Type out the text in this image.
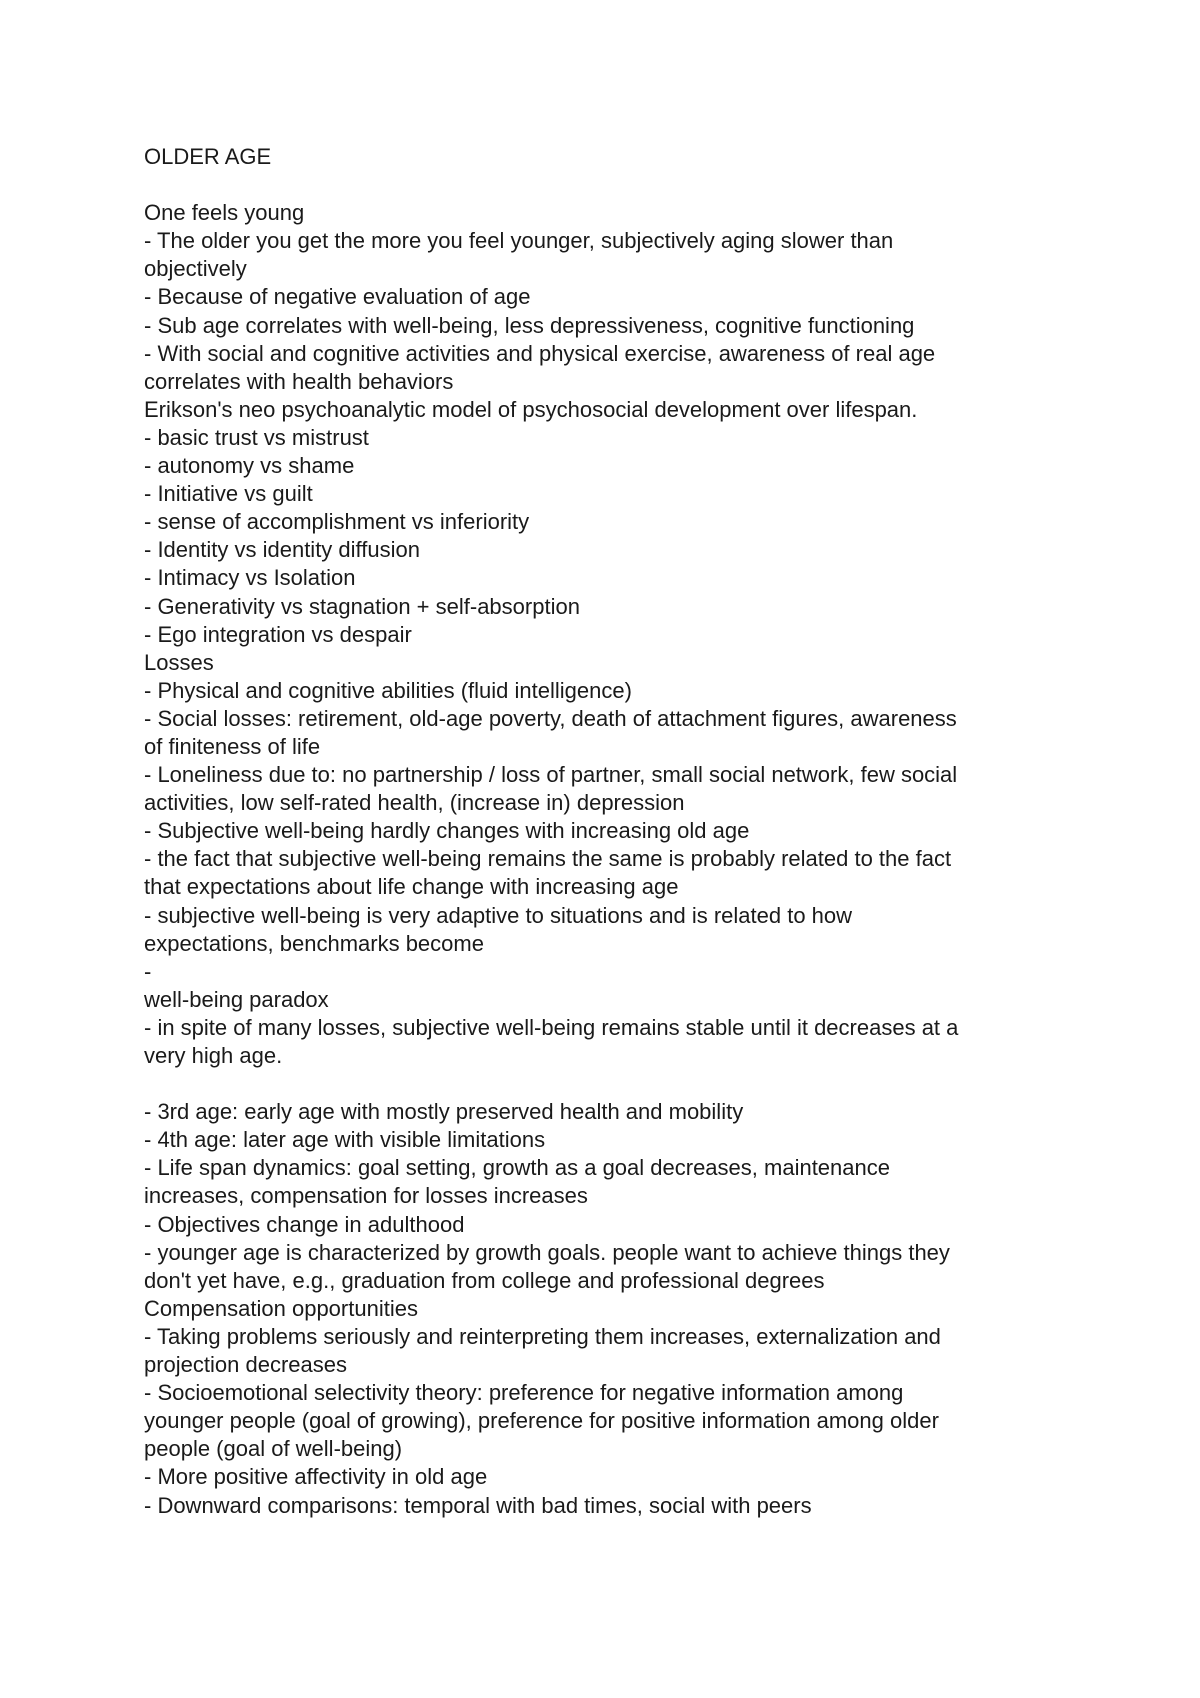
OLDER AGE

One feels young

- The older you get the more you feel younger, subjectively aging slower than

objectively

- Because of negative evaluation of age

- Sub age correlates with well-being, less depressiveness, cognitive functioning

- With social and cognitive activities and physical exercise, awareness of real age

correlates with health behaviors

Erikson's neo psychoanalytic model of psychosocial development over lifespan.

- basic trust vs mistrust

- autonomy vs shame

- Initiative vs guilt

- sense of accomplishment vs inferiority

- Identity vs identity diffusion

- Intimacy vs Isolation

- Generativity vs stagnation + self-absorption

- Ego integration vs despair

Losses

- Physical and cognitive abilities (fluid intelligence)

- Social losses: retirement, old-age poverty, death of attachment figures, awareness

of finiteness of life

- Loneliness due to: no partnership / loss of partner, small social network, few social

activities, low self-rated health, (increase in) depression

- Subjective well-being hardly changes with increasing old age

- the fact that subjective well-being remains the same is probably related to the fact

that expectations about life change with increasing age

- subjective well-being is very adaptive to situations and is related to how

expectations, benchmarks become

-

well-being paradox

- in spite of many losses, subjective well-being remains stable until it decreases at a

very high age.

- 3rd age: early age with mostly preserved health and mobility

- 4th age: later age with visible limitations

- Life span dynamics: goal setting, growth as a goal decreases, maintenance

increases, compensation for losses increases

- Objectives change in adulthood

- younger age is characterized by growth goals. people want to achieve things they

don't yet have, e.g., graduation from college and professional degrees

Compensation opportunities

- Taking problems seriously and reinterpreting them increases, externalization and

projection decreases

- Socioemotional selectivity theory: preference for negative information among

younger people (goal of growing), preference for positive information among older

people (goal of well-being)

- More positive affectivity in old age

- Downward comparisons: temporal with bad times, social with peers
